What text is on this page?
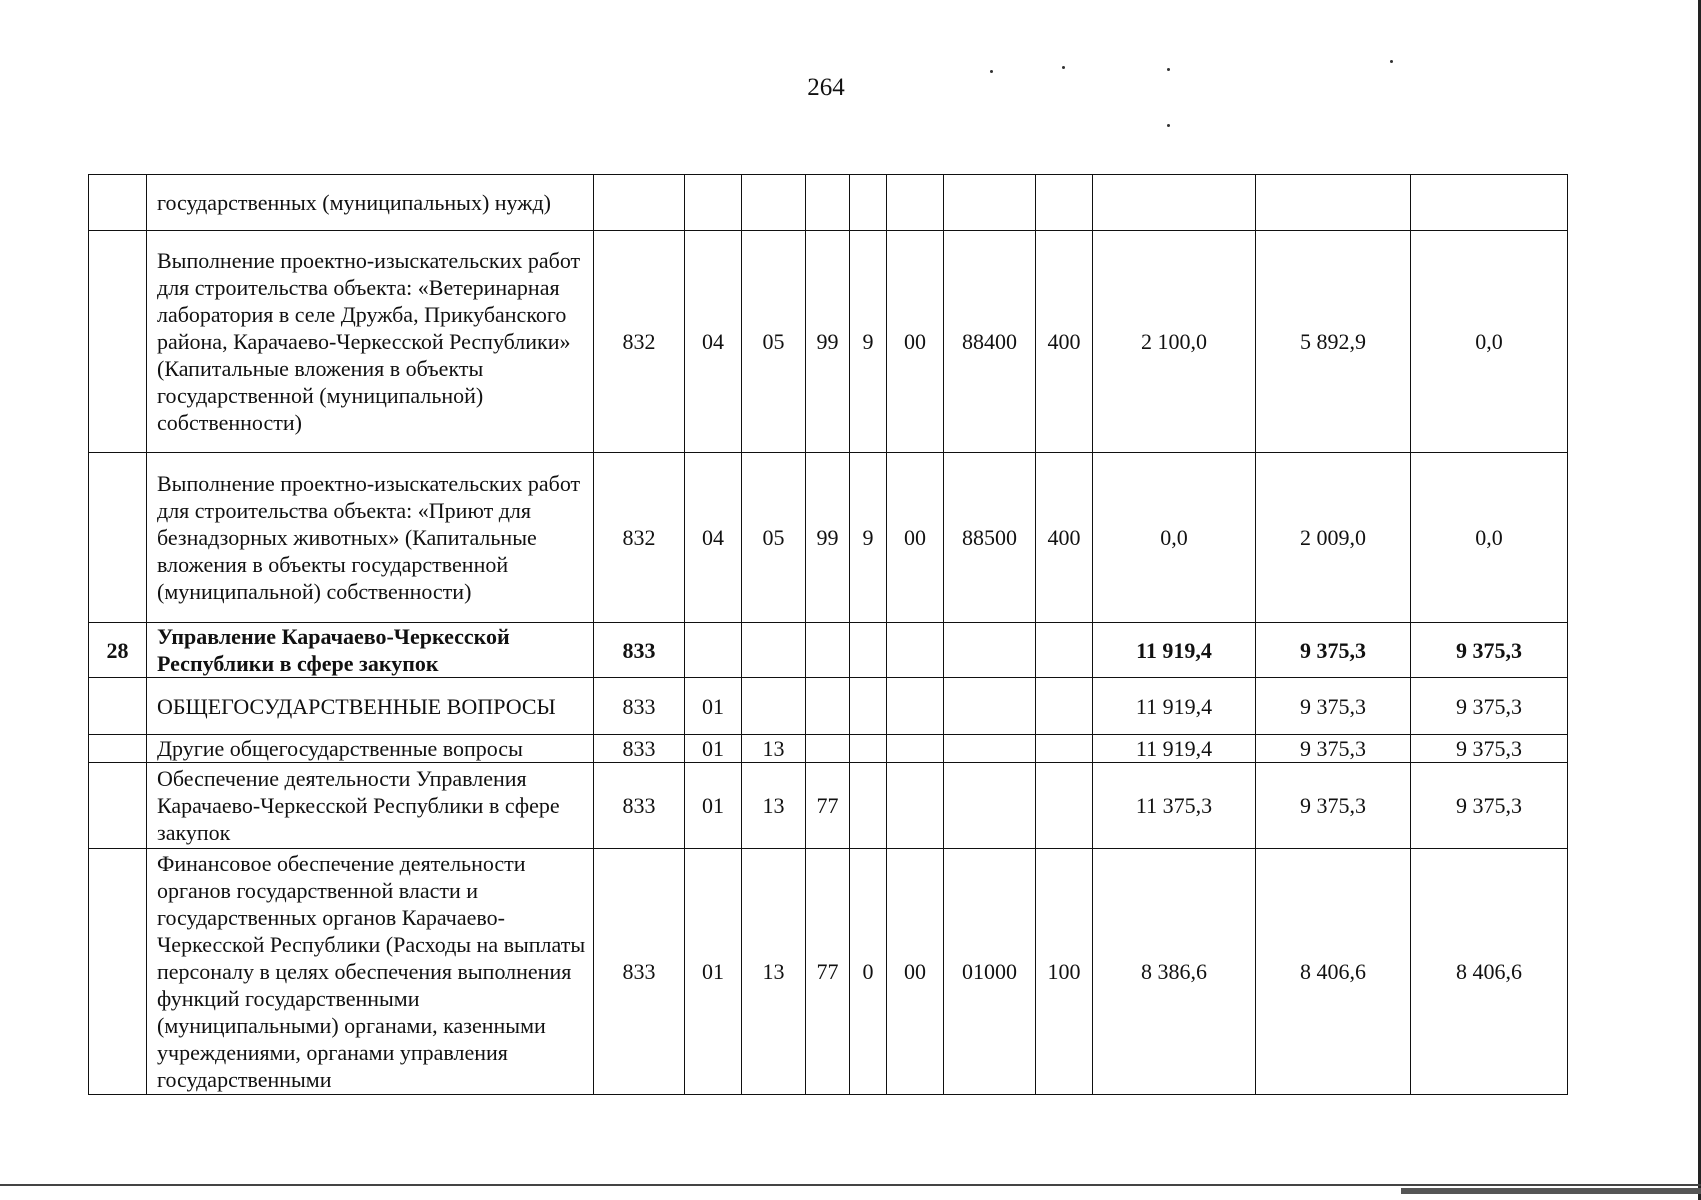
264
	государственных (муниципальных) нужд)											
	Выполнение проектно-изыскательских работ для строительства объекта: «Ветеринарная лаборатория в селе Дружба, Прикубанского района, Карачаево-Черкесской Республики» (Капитальные вложения в объекты государственной (муниципальной) собственности)	832	04	05	99	9	00	88400	400	2 100,0	5 892,9	0,0
	Выполнение проектно-изыскательских работ для строительства объекта: «Приют для безнадзорных животных» (Капитальные вложения в объекты государственной (муниципальной) собственности)	832	04	05	99	9	00	88500	400	0,0	2 009,0	0,0
28	Управление Карачаево-Черкесской Республики в сфере закупок	833								11 919,4	9 375,3	9 375,3
	ОБЩЕГОСУДАРСТВЕННЫЕ ВОПРОСЫ	833	01							11 919,4	9 375,3	9 375,3
	Другие общегосударственные вопросы	833	01	13						11 919,4	9 375,3	9 375,3
	Обеспечение деятельности Управления Карачаево-Черкесской Республики в сфере закупок	833	01	13	77					11 375,3	9 375,3	9 375,3
	Финансовое обеспечение деятельности органов государственной власти и государственных органов Карачаево-Черкесской Республики (Расходы на выплаты персоналу в целях обеспечения выполнения функций государственными (муниципальными) органами, казенными учреждениями, органами управления государственными	833	01	13	77	0	00	01000	100	8 386,6	8 406,6	8 406,6
